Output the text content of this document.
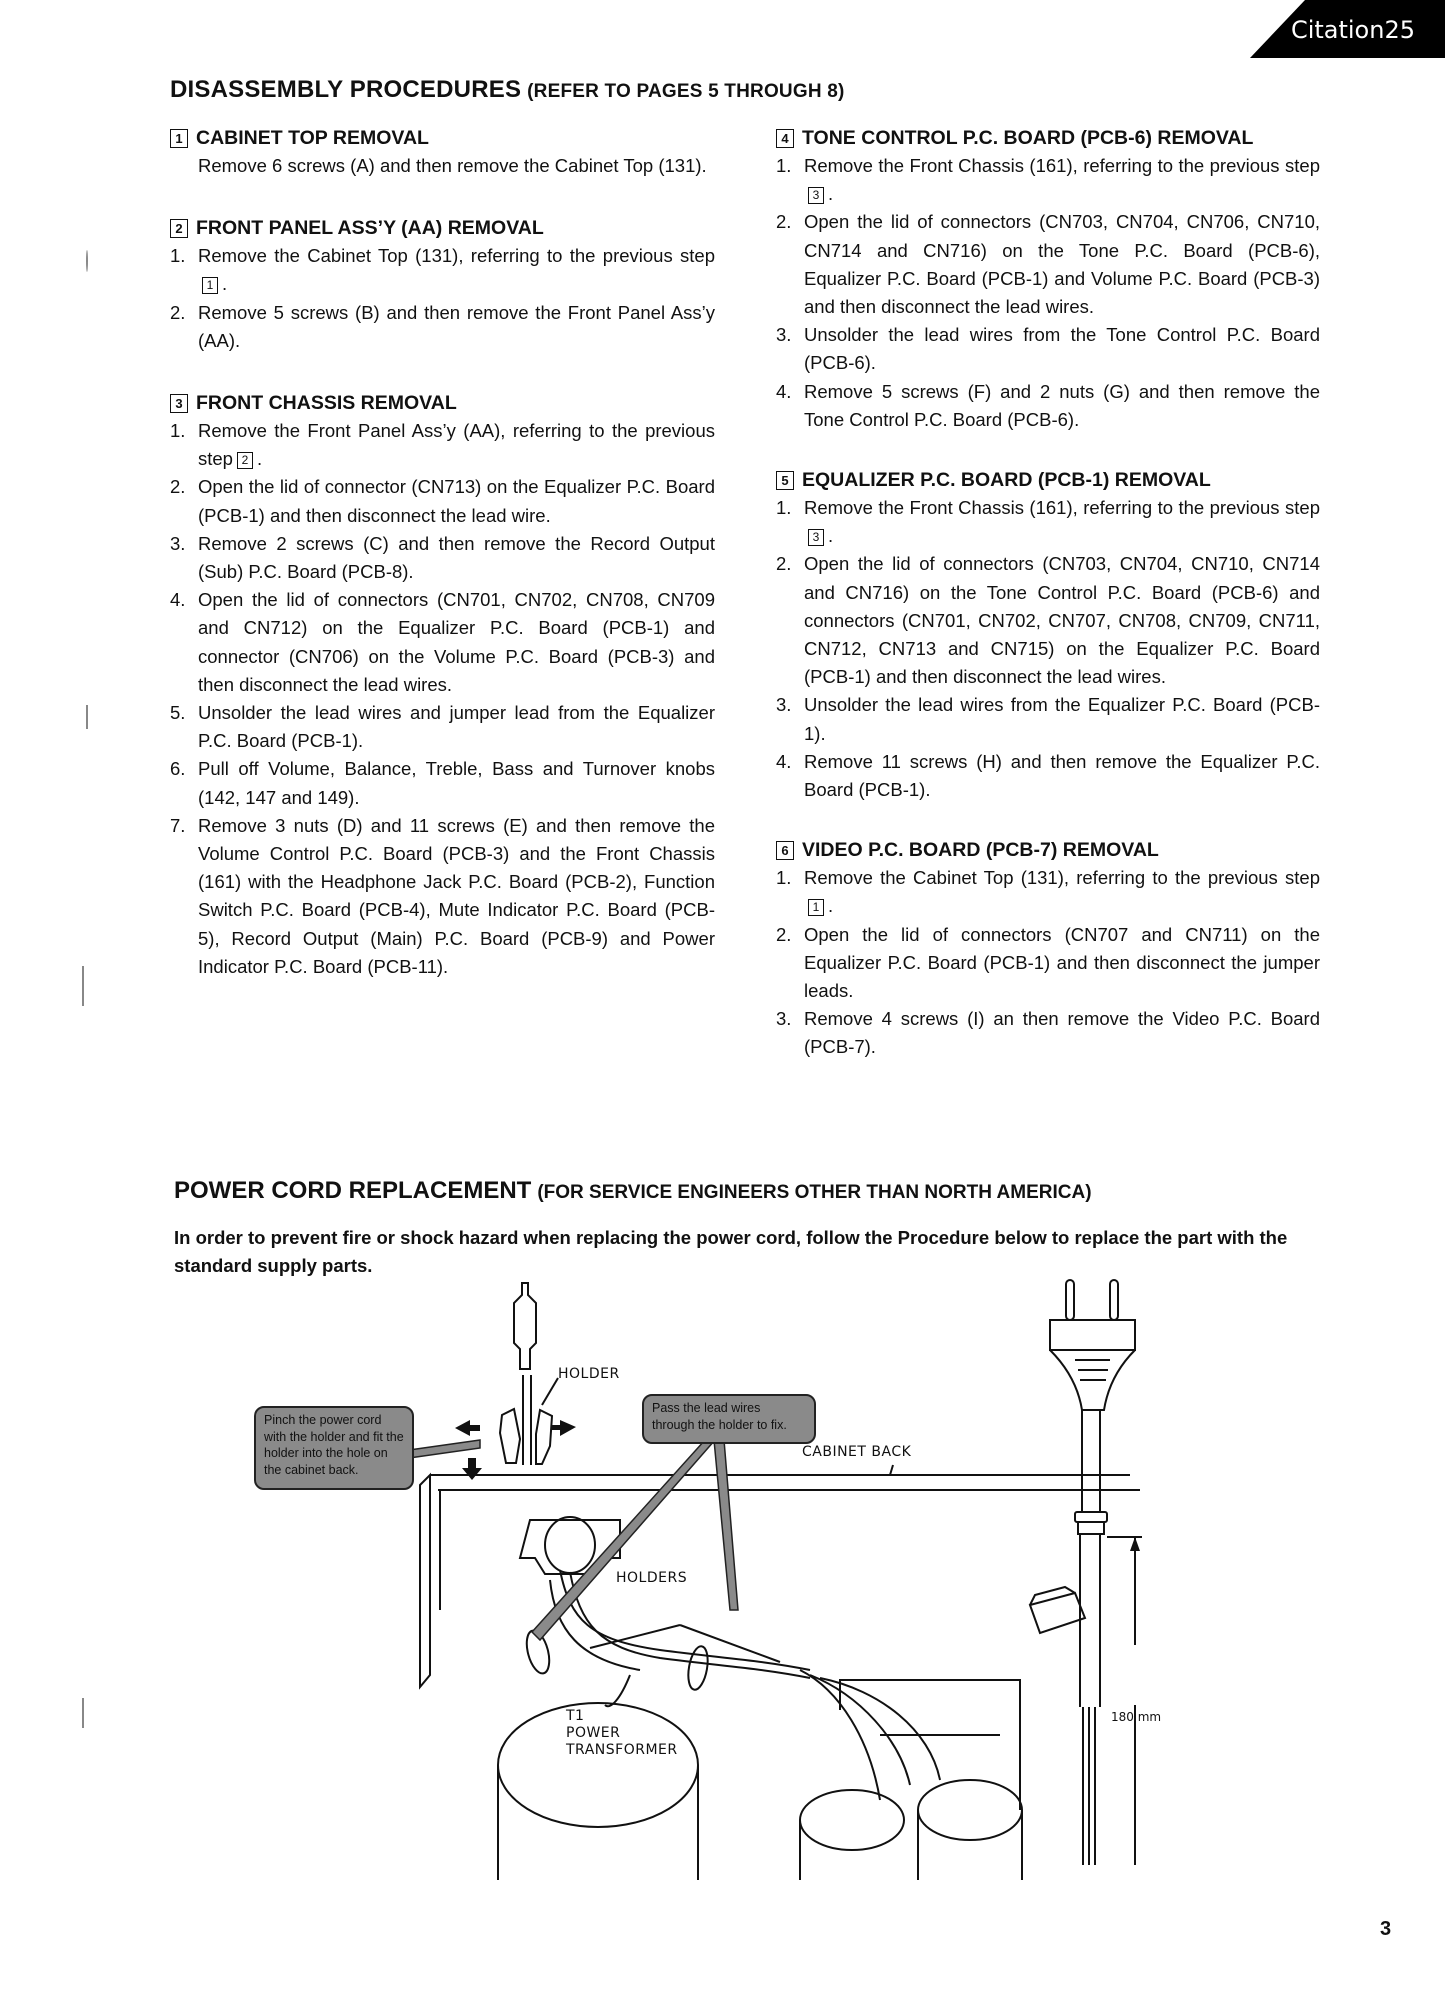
Citation25
DISASSEMBLY PROCEDURES (REFER TO PAGES 5 THROUGH 8)
1 CABINET TOP REMOVAL
Remove 6 screws (A) and then remove the Cabinet Top (131).
2 FRONT PANEL ASS’Y (AA) REMOVAL
1. Remove the Cabinet Top (131), referring to the previous step1 .
2. Remove 5 screws (B) and then remove the Front Panel Ass’y (AA).
3 FRONT CHASSIS REMOVAL
1. Remove the Front Panel Ass’y (AA), referring to the previous step 2 .
2. Open the lid of connector (CN713) on the Equalizer P.C. Board (PCB-1) and then disconnect the lead wire.
3. Remove 2 screws (C) and then remove the Record Output (Sub) P.C. Board (PCB-8).
4. Open the lid of connectors (CN701, CN702, CN708, CN709 and CN712) on the Equalizer P.C. Board (PCB-1) and connector (CN706) on the Volume P.C. Board (PCB-3) and then disconnect the lead wires.
5. Unsolder the lead wires and jumper lead from the Equalizer P.C. Board (PCB-1).
6. Pull off Volume, Balance, Treble, Bass and Turnover knobs (142, 147 and 149).
7. Remove 3 nuts (D) and 11 screws (E) and then remove the Volume Control P.C. Board (PCB-3) and the Front Chassis (161) with the Headphone Jack P.C. Board (PCB-2), Function Switch P.C. Board (PCB-4), Mute Indicator P.C. Board (PCB-5), Record Output (Main) P.C. Board (PCB-9) and Power Indicator P.C. Board (PCB-11).
4 TONE CONTROL P.C. BOARD (PCB-6) REMOVAL
1. Remove the Front Chassis (161), referring to the previous step3 .
2. Open the lid of connectors (CN703, CN704, CN706, CN710, CN714 and CN716) on the Tone P.C. Board (PCB-6), Equalizer P.C. Board (PCB-1) and Volume P.C. Board (PCB-3) and then disconnect the lead wires.
3. Unsolder the lead wires from the Tone Control P.C. Board (PCB-6).
4. Remove 5 screws (F) and 2 nuts (G) and then remove the Tone Control P.C. Board (PCB-6).
5 EQUALIZER P.C. BOARD (PCB-1) REMOVAL
1. Remove the Front Chassis (161), referring to the previous step3 .
2. Open the lid of connectors (CN703, CN704, CN710, CN714 and CN716) on the Tone Control P.C. Board (PCB-6) and connectors (CN701, CN702, CN707, CN708, CN709, CN711, CN712, CN713 and CN715) on the Equalizer P.C. Board (PCB-1) and then disconnect the lead wires.
3. Unsolder the lead wires from the Equalizer P.C. Board (PCB-1).
4. Remove 11 screws (H) and then remove the Equalizer P.C. Board (PCB-1).
6 VIDEO P.C. BOARD (PCB-7) REMOVAL
1. Remove the Cabinet Top (131), referring to the previous step1 .
2. Open the lid of connectors (CN707 and CN711) on the Equalizer P.C. Board (PCB-1) and then disconnect the jumper leads.
3. Remove 4 screws (I) an then remove the Video P.C. Board (PCB-7).
POWER CORD REPLACEMENT (FOR SERVICE ENGINEERS OTHER THAN NORTH AMERICA)
In order to prevent fire or shock hazard when replacing the power cord, follow the Procedure below to replace the part with the standard supply parts.
Pinch the power cord with the holder and fit the holder into the hole on the cabinet back.
Pass the lead wires through the holder to fix.
HOLDER
CABINET BACK
HOLDERS
T1
POWER
TRANSFORMER
180 mm
3
